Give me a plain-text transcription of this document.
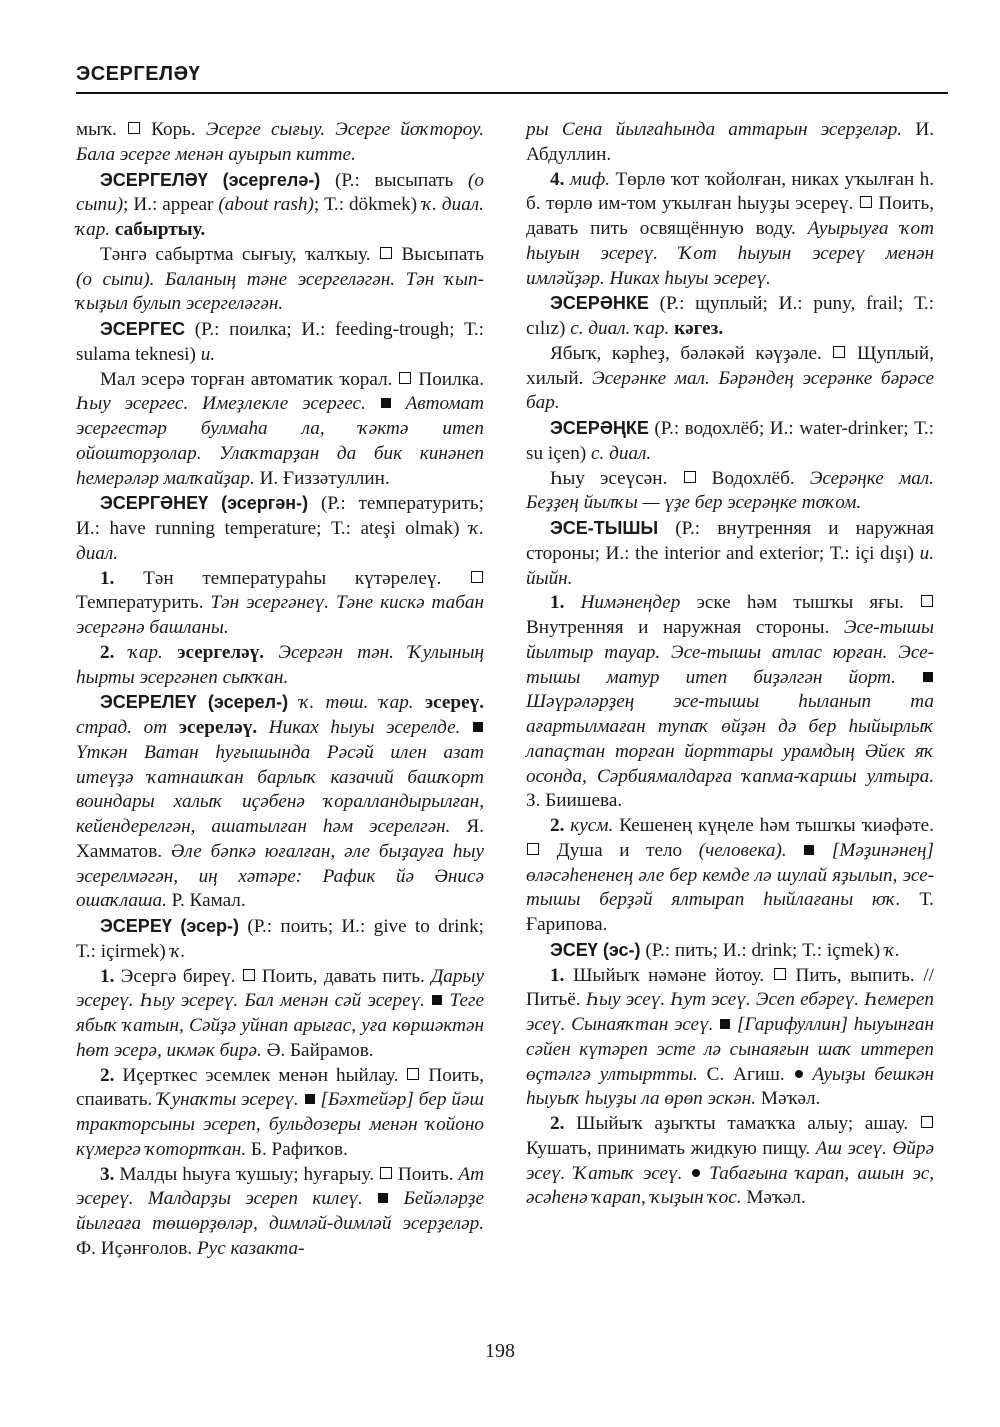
ЭСЕРГЕЛӘҮ

мыҡ.  Корь. Эсерге сығыу. Эсерге йоҡтороу. Бала эсерге менән ауырып китте.

ЭСЕРГЕЛӘҮ (эсергелә-) (Р.: высыпать (о сыпи); И.: appear (about rash); Т.: dökmek) ҡ. диал. ҡар. сабыртыу.

Тәнгә сабыртма сығыу, ҡалҡыу.  Высыпать (о сыпи). Баланың тәне эсергеләгән. Тән ҡып-ҡыҙыл булып эсергеләгән.

ЭСЕРГЕС (Р.: поилка; И.: feeding-trough; Т.: sulama teknesi) и.

Мал эсерә торған автоматик ҡорал.  Поилка. Һыу эсергес. Имеҙлекле эсергес. Автомат эсергестәр булмаһа ла, ҡәктә итеп ойошторҙолар. Улаҡтарҙан да бик кинәнеп һемерәләр малҡайҙар. И. Ғиззәтуллин.

ЭСЕРГӘНЕҮ (эсергән-) (Р.: температурить; И.: have running temperature; Т.: ateşi olmak) ҡ. диал.

1. Тән температураһы күтәрелеү.  Температурить. Тән эсергәнеү. Тәне кискә табан эсергәнә башланы.

2. ҡар. эсергеләү. Эсергән тән. Ҡулының һырты эсергәнеп сыҡҡан.

ЭСЕРЕЛЕҮ (эсерел-) ҡ. төш. ҡар. эсереү. страд. от эсереләү. Никах һыуы эсерелде.  Үткән Ватан һуғышында Рәсәй илен азат итеүҙә ҡатнашҡан барлыҡ казачий башҡорт воиндары халыҡ иҫәбенә ҡоралландырылған, кейендерелгән, ашатылған һәм эсерелгән. Я. Хамматов. Әле бәпкә юғалған, әле быҙауға һыу эсерелмәгән, иң хәтәре: Рафик йә Әнисә ошаҡлаша. Р. Камал.

ЭСЕРЕҮ (эсер-) (Р.: поить; И.: give to drink; Т.: içirmek) ҡ.

1. Эсергә биреү.  Поить, давать пить. Дарыу эсереү. Һыу эсереү. Бал менән сәй эсереү. Теге ябыҡ ҡатын, Сәйҙә уйнап арығас, уға көршәктән һөт эсерә, икмәк бирә. Ә. Байрамов.

2. Иҫерткес эсемлек менән һыйлау.  Поить, спаивать. Ҡунаҡты эсереү. [Бәхтейәр] бер йәш тракторсыны эсереп, бульдозеры менән ҡойоно күмергә ҡотортҡан. Б. Рафиҡов.

3. Малды һыуға ҡушыу; һуғарыу.  Поить. Ат эсереү. Малдарҙы эсереп килеү. Бейәләрҙе йылғаға төшөрҙөләр, димләй-димләй эсерҙеләр. Ф. Иҫәнғолов. Рус казакта-

ры Сена йылғаһында аттарын эсерҙеләр. И. Абдуллин.

4. миф. Төрлө ҡот ҡойолған, никах уҡылған һ. б. төрлө им-том уҡылған һыуҙы эсереү.  Поить, давать пить освящённую воду. Ауырыуға ҡот һыуын эсереү. Ҡот һыуын эсереү менән имләйҙәр. Никах һыуы эсереү.

ЭСЕРӘНКЕ (Р.: щуплый; И.: puny, frail; Т.: cılız) с. диал. ҡар. кәгез.

Ябыҡ, кәрһеҙ, бәләкәй кәүҙәле.  Щуплый, хилый. Эсерәнке мал. Бәрәндең эсерәнке бәрәсе бар.

ЭСЕРӘҢКЕ (Р.: водохлёб; И.: water-drinker; Т.: su içen) с. диал.

Һыу эсеүсән.  Водохлёб. Эсерәңке мал. Беҙҙең йылҡы — үҙе бер эсерәңке тоҡом.

ЭСЕ-ТЫШЫ (Р.: внутренняя и наружная стороны; И.: the interior and exterior; Т.: içi dışı) и. йыйн.

1. Нимәнеңдер эске һәм тышҡы яғы.  Внутренняя и наружная стороны. Эсе-тышы йылтыр тауар. Эсе-тышы атлас юрған. Эсе-тышы матур итеп биҙәлгән йорт.  Шәүрәләрҙең эсе-тышы һыланып та ағартылмаған тупаҡ өйҙән дә бер һыйырлыҡ лапаҫтан торған йорттары урамдың Әйек яҡ осонда, Сәрбиямалдарға ҡапма-ҡаршы ултыра. З. Биишева.

2. кусм. Кешенең күңеле һәм тышҡы ҡиәфәте.  Душа и тело (человека). [Мәҙинәнең] өләсәһененең әле бер кемде лә шулай яҙылып, эсе-тышы берҙәй ялтырап һыйлағаны юҡ. Т. Ғарипова.

ЭСЕҮ (эс-) (Р.: пить; И.: drink; Т.: içmek) ҡ.

1. Шыйыҡ нәмәне йотоу.  Пить, выпить. // Питьё. Һыу эсеү. Һут эсеү. Эсеп ебәреү. Һемереп эсеү. Сынаяҡтан эсеү. [Гарифуллин] һыуынған сәйен күтәреп эсте лә сынаяғын шаҡ иттереп өҫтәлгә ултыртты. С. Агиш.  Ауыҙы бешкән һыуыҡ һыуҙы ла өрөп эскән. Мәҡәл.

2. Шыйыҡ аҙыҡты тамаҡҡа алыу; ашау.  Кушать, принимать жидкую пищу. Аш эсеү. Өйрә эсеү. Ҡатыҡ эсеү. Табағына ҡарап, ашын эс, әсәһенә ҡарап, ҡыҙын ҡос. Мәҡәл.

198
